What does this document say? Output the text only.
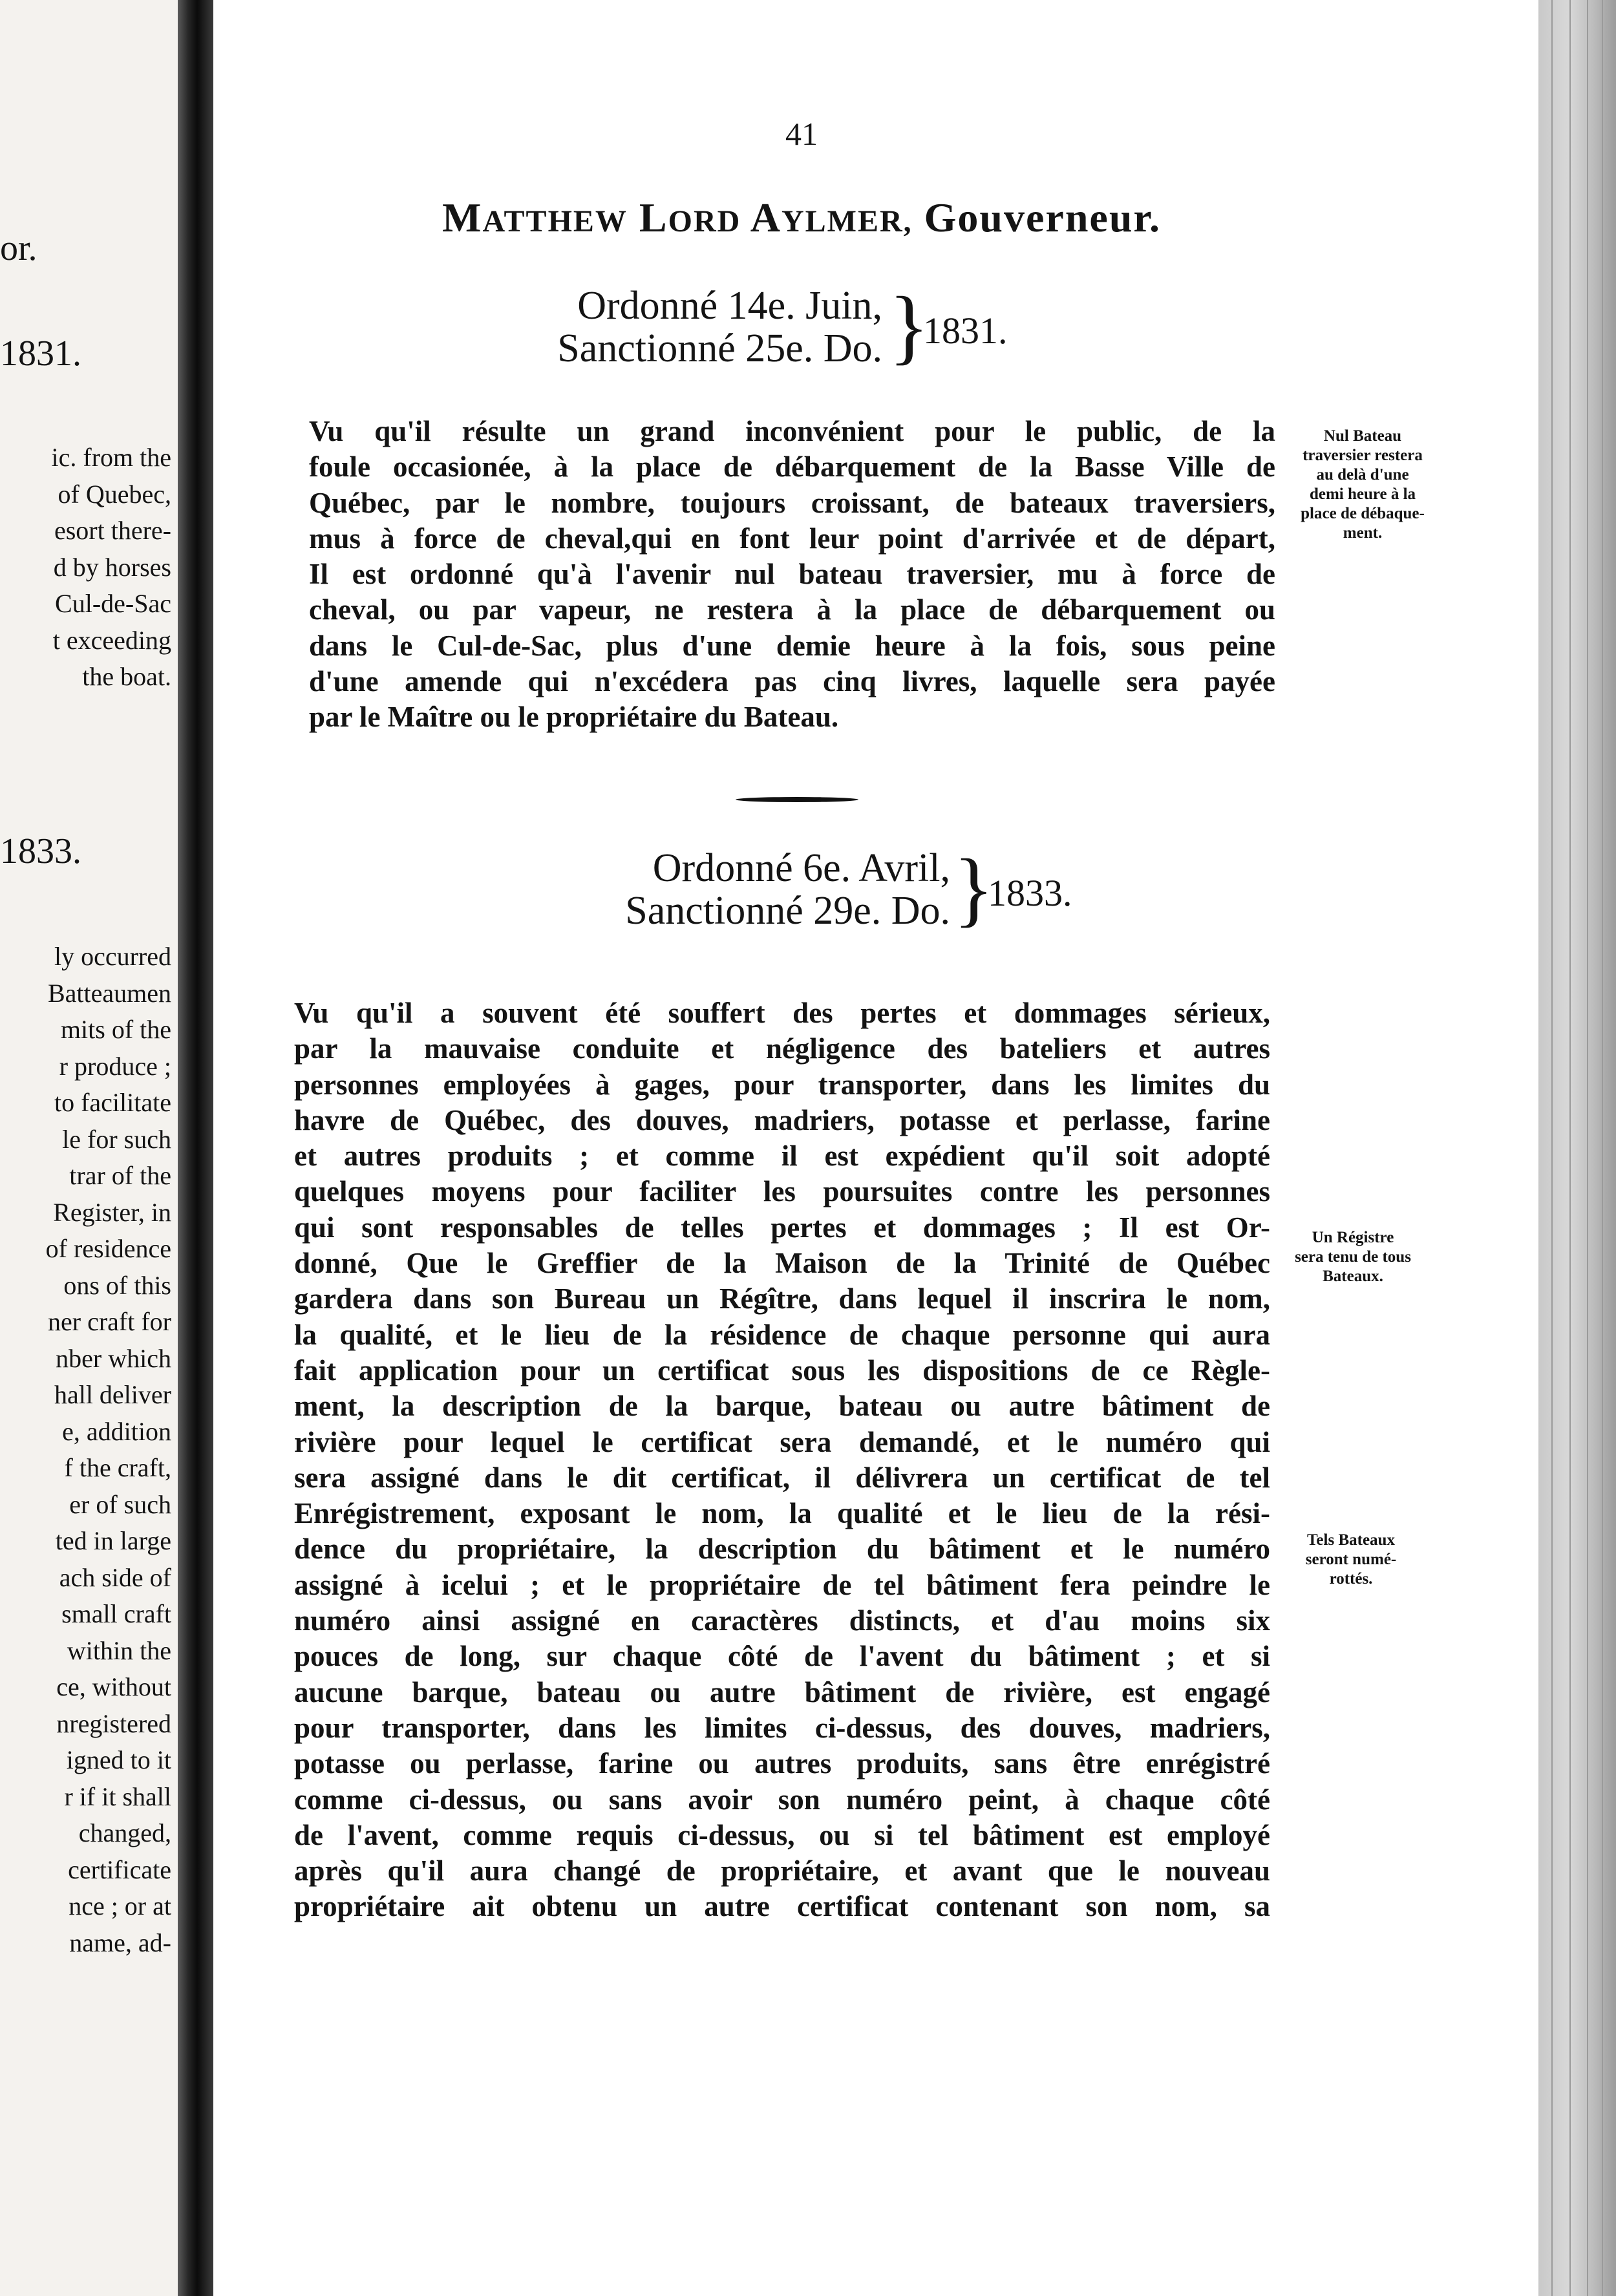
or.
1831.
ic. from the
of Quebec,
esort there-
d by horses
Cul-de-Sac
t exceeding
the boat.
1833.
ly occurred
Batteaumen
mits of the
r produce ;
to facilitate
le for such
trar of the
Register, in
of residence
ons of this
ner craft for
nber which
hall deliver
e, addition
f the craft,
er of such
ted in large
ach side of
small craft
within the
ce, without
nregistered
igned to it
r if it shall
changed,
certificate
nce ; or at
name, ad-
41
MATTHEW LORD AYLMER, Gouverneur.
Ordonné 14e. Juin,
Sanctionné 25e. Do. }
1831.
Vu qu'il résulte un grand inconvénient pour le public, de la
foule occasionée, à la place de débarquement de la Basse Ville de
Québec, par le nombre, toujours croissant, de bateaux traversiers,
mus à force de cheval,qui en font leur point d'arrivée et de départ,
Il est ordonné qu'à l'avenir nul bateau traversier, mu à force de
cheval, ou par vapeur, ne restera à la place de débarquement ou
dans le Cul-de-Sac, plus d'une demie heure à la fois, sous peine
d'une amende qui n'excédera pas cinq livres, laquelle sera payée
par le Maître ou le propriétaire du Bateau.
Nul Bateau
traversier restera
au delà d'une
demi heure à la
place de débaque-
ment.
Ordonné 6e. Avril,
Sanctionné 29e. Do. }
1833.
Vu qu'il a souvent été souffert des pertes et dommages sérieux,
par la mauvaise conduite et négligence des bateliers et autres
personnes employées à gages, pour transporter, dans les limites du
havre de Québec, des douves, madriers, potasse et perlasse, farine
et autres produits ; et comme il est expédient qu'il soit adopté
quelques moyens pour faciliter les poursuites contre les personnes
qui sont responsables de telles pertes et dommages ; Il est Or-
donné, Que le Greffier de la Maison de la Trinité de Québec
gardera dans son Bureau un Régître, dans lequel il inscrira le nom,
la qualité, et le lieu de la résidence de chaque personne qui aura
fait application pour un certificat sous les dispositions de ce Règle-
ment, la description de la barque, bateau ou autre bâtiment de
rivière pour lequel le certificat sera demandé, et le numéro qui
sera assigné dans le dit certificat, il délivrera un certificat de tel
Enrégistrement, exposant le nom, la qualité et le lieu de la rési-
dence du propriétaire, la description du bâtiment et le numéro
assigné à icelui ; et le propriétaire de tel bâtiment fera peindre le
numéro ainsi assigné en caractères distincts, et d'au moins six
pouces de long, sur chaque côté de l'avent du bâtiment ; et si
aucune barque, bateau ou autre bâtiment de rivière, est engagé
pour transporter, dans les limites ci-dessus, des douves, madriers,
potasse ou perlasse, farine ou autres produits, sans être enrégistré
comme ci-dessus, ou sans avoir son numéro peint, à chaque côté
de l'avent, comme requis ci-dessus, ou si tel bâtiment est employé
après qu'il aura changé de propriétaire, et avant que le nouveau
propriétaire ait obtenu un autre certificat contenant son nom, sa
Un Régistre
sera tenu de tous
Bateaux.
Tels Bateaux
seront numé-
rottés.
